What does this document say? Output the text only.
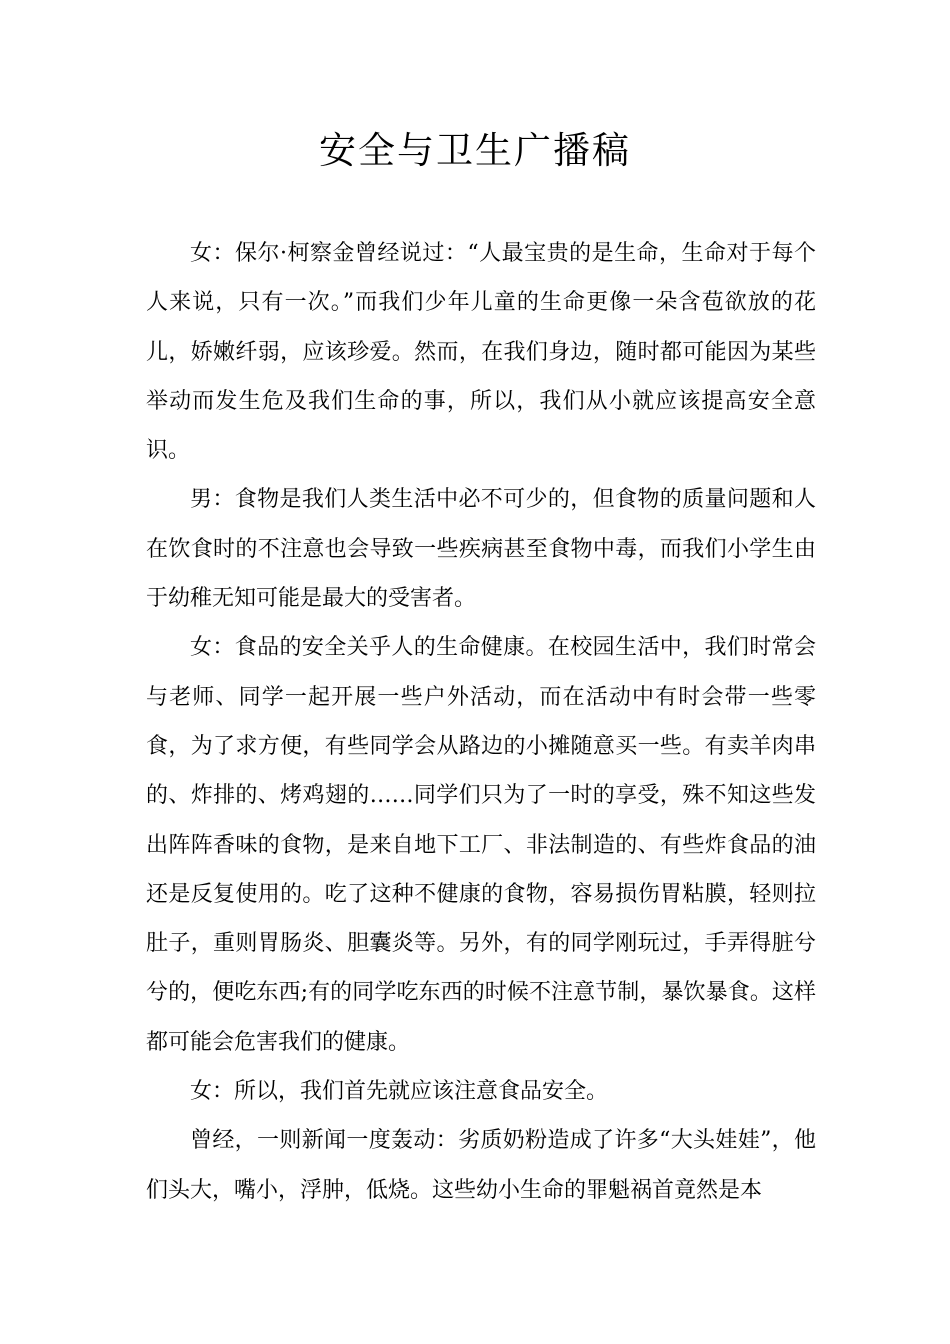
安全与卫生广播稿

女：保尔·柯察金曾经说过：“人最宝贵的是生命，生命对于每个人来说，只有一次。”而我们少年儿童的生命更像一朵含苞欲放的花儿，娇嫩纤弱，应该珍爱。然而，在我们身边，随时都可能因为某些举动而发生危及我们生命的事，所以，我们从小就应该提高安全意识。

男：食物是我们人类生活中必不可少的，但食物的质量问题和人在饮食时的不注意也会导致一些疾病甚至食物中毒，而我们小学生由于幼稚无知可能是最大的受害者。

女：食品的安全关乎人的生命健康。在校园生活中，我们时常会与老师、同学一起开展一些户外活动，而在活动中有时会带一些零食，为了求方便，有些同学会从路边的小摊随意买一些。有卖羊肉串的、炸排的、烤鸡翅的……同学们只为了一时的享受，殊不知这些发出阵阵香味的食物，是来自地下工厂、非法制造的、有些炸食品的油还是反复使用的。吃了这种不健康的食物，容易损伤胃粘膜，轻则拉肚子，重则胃肠炎、胆囊炎等。另外，有的同学刚玩过，手弄得脏兮兮的，便吃东西;有的同学吃东西的时候不注意节制，暴饮暴食。这样都可能会危害我们的健康。

女：所以，我们首先就应该注意食品安全。

曾经，一则新闻一度轰动：劣质奶粉造成了许多“大头娃娃”，他们头大，嘴小，浮肿，低烧。这些幼小生命的罪魁祸首竟然是本
